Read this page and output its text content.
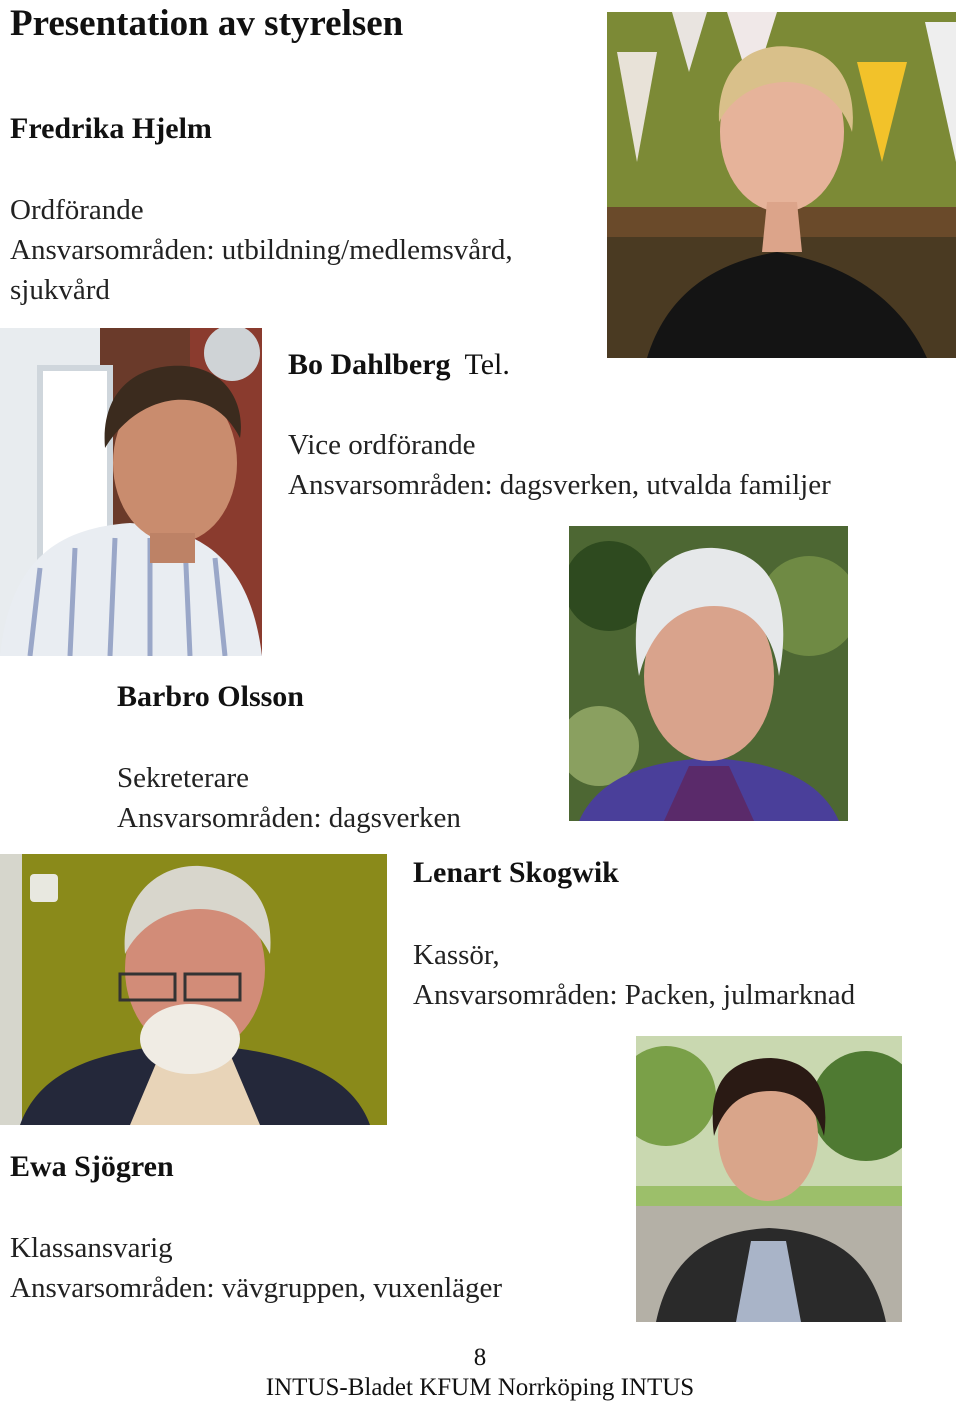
Presentation av styrelsen
Fredrika Hjelm
Ordförande
Ansvarsområden: utbildning/medlemsvård,
sjukvård
Bo Dahlberg Tel.
Vice ordförande
Ansvarsområden: dagsverken, utvalda familjer
Barbro Olsson
Sekreterare
Ansvarsområden: dagsverken
Lenart Skogwik
Kassör,
Ansvarsområden: Packen, julmarknad
Ewa Sjögren
Klassansvarig
Ansvarsområden: vävgruppen, vuxenläger
8
INTUS-Bladet KFUM Norrköping INTUS
